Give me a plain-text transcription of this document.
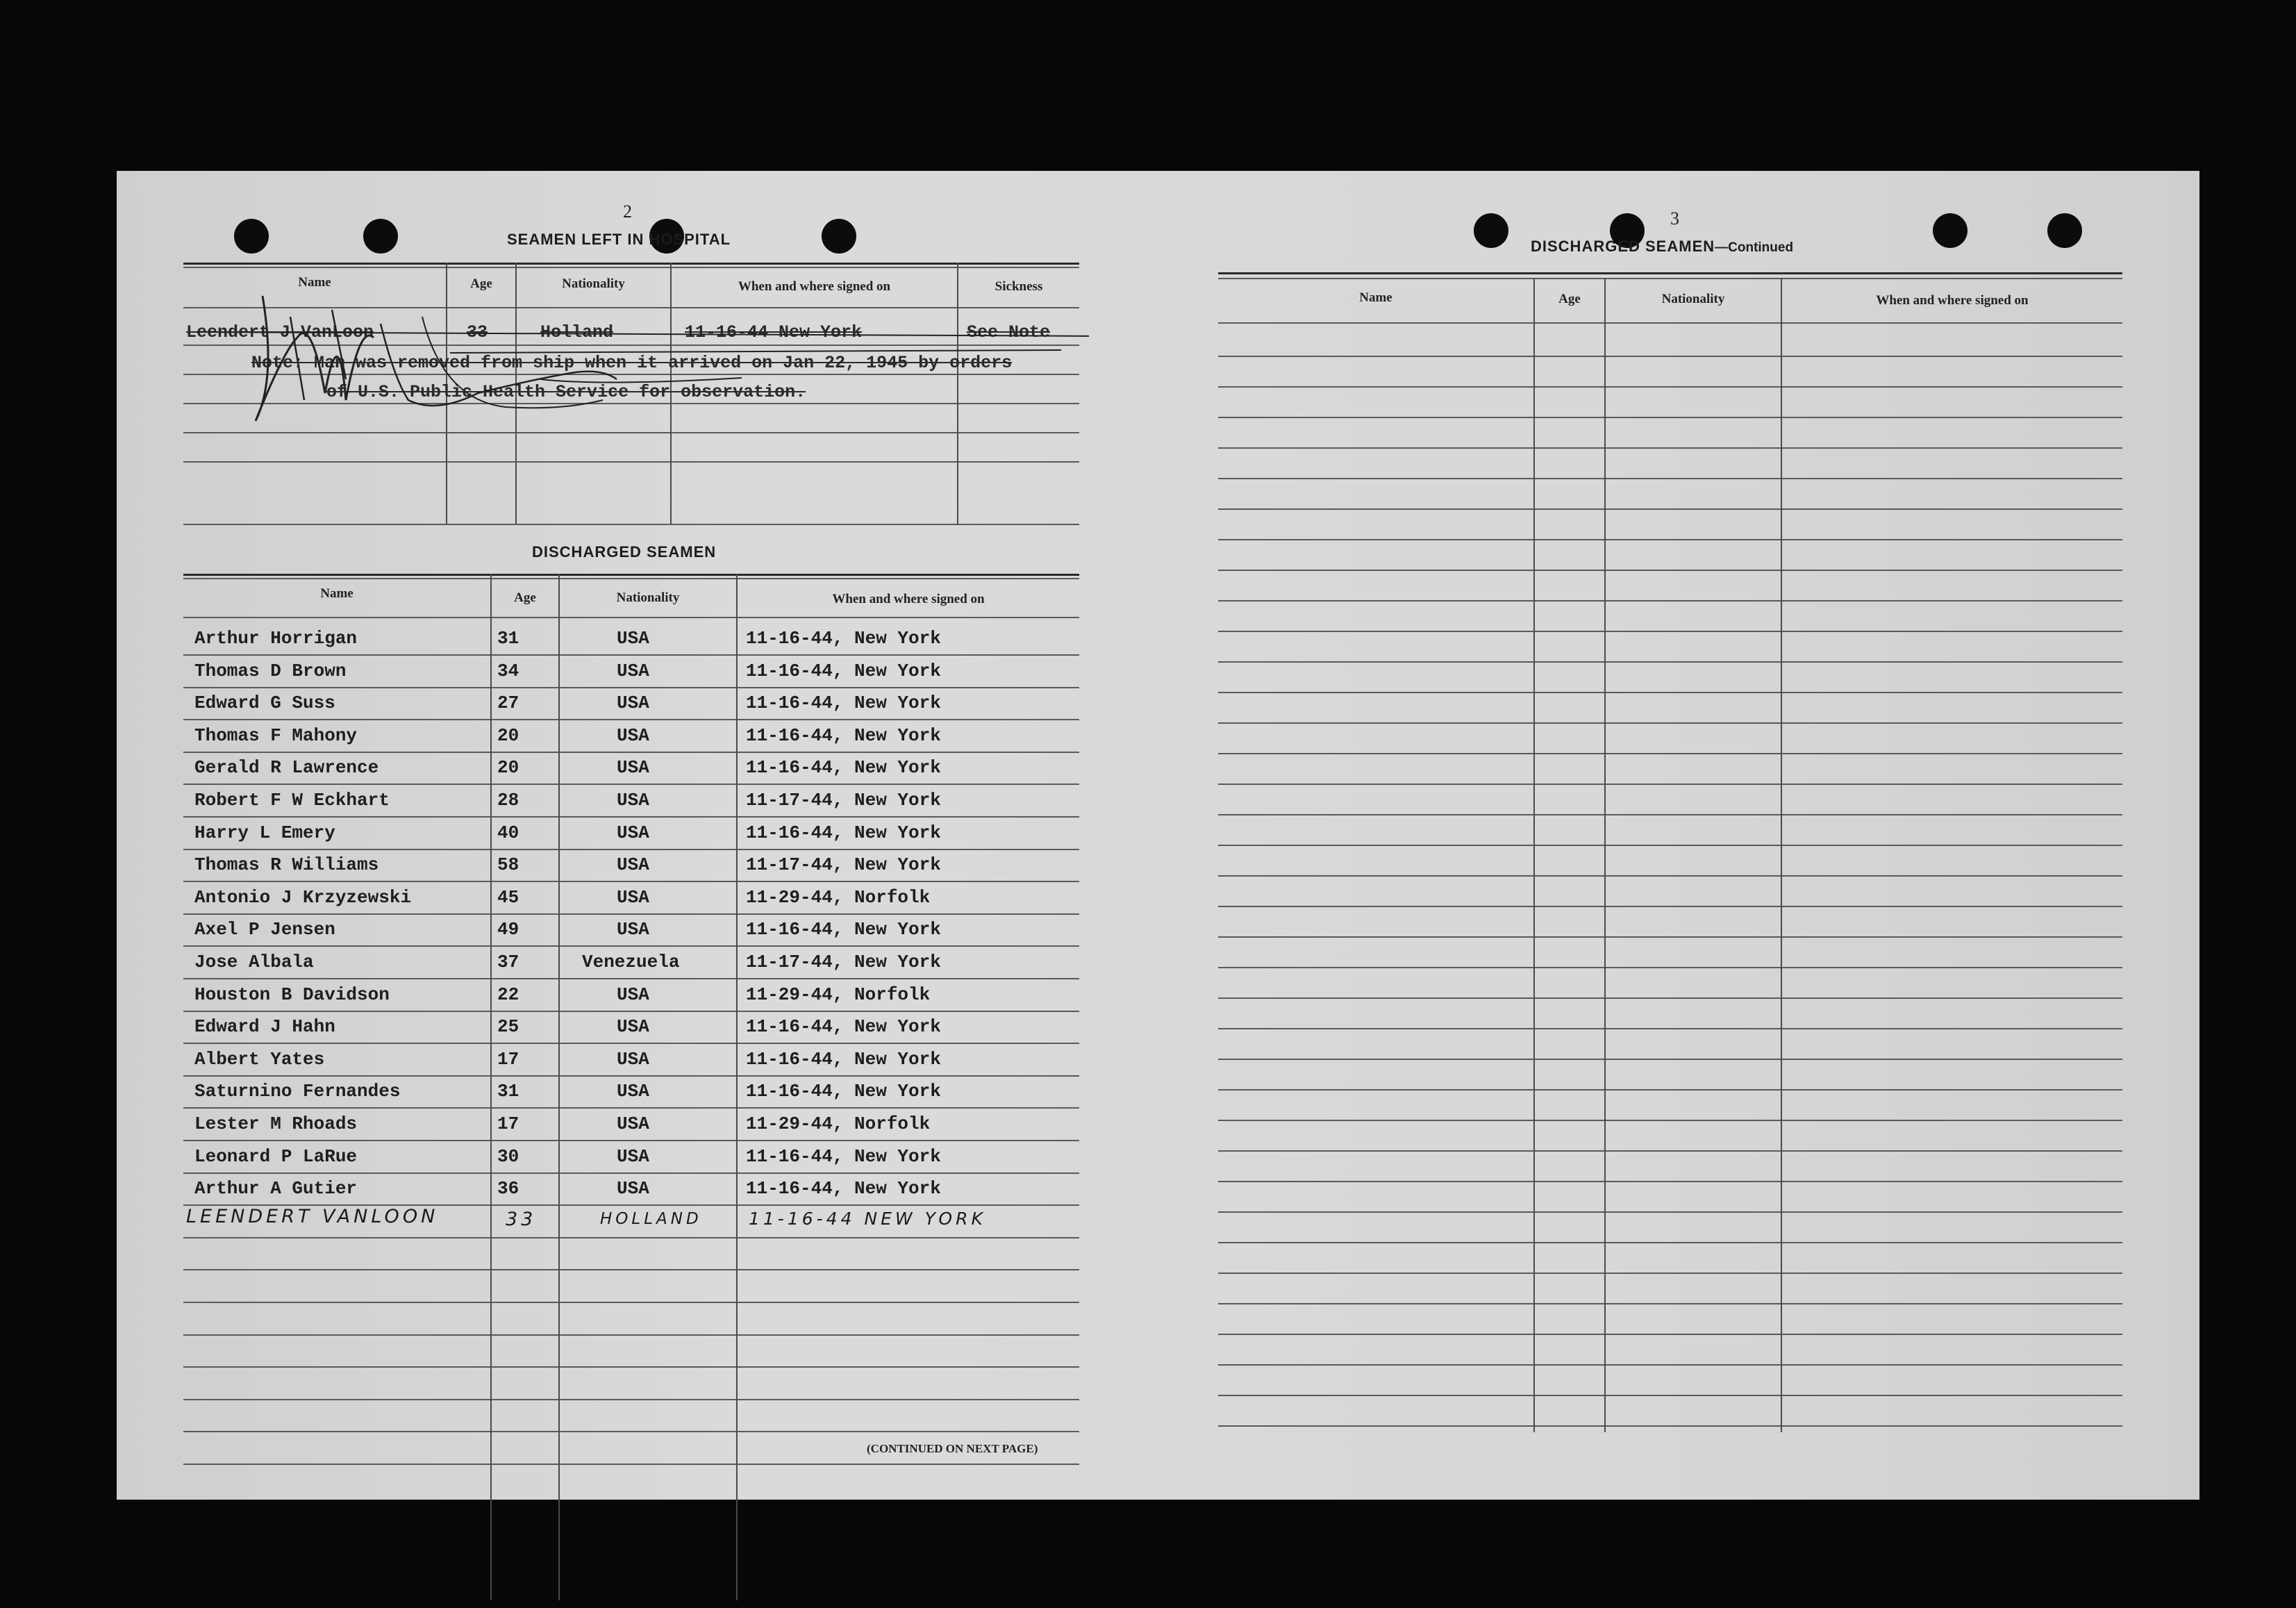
2
SEAMEN LEFT IN HOSPITAL
Name	Age	Nationality	When and where signed on	Sickness
Leendert J VanLoon	33	Holland	11-16-44 New York	See Note
Note: Man was removed from ship when it arrived on Jan 22, 1945 by orders
of U.S. Public Health Service for observation.
DISCHARGED SEAMEN
Name	Age	Nationality	When and where signed on
Arthur Horrigan	31	USA	11-16-44, New York
Thomas D Brown	34	USA	11-16-44, New York
Edward G Suss	27	USA	11-16-44, New York
Thomas F Mahony	20	USA	11-16-44, New York
Gerald R Lawrence	20	USA	11-16-44, New York
Robert F W Eckhart	28	USA	11-17-44, New York
Harry L Emery	40	USA	11-16-44, New York
Thomas R Williams	58	USA	11-17-44, New York
Antonio J Krzyzewski	45	USA	11-29-44, Norfolk
Axel P Jensen	49	USA	11-16-44, New York
Jose Albala	37	Venezuela	11-17-44, New York
Houston B Davidson	22	USA	11-29-44, Norfolk
Edward J Hahn	25	USA	11-16-44, New York
Albert Yates	17	USA	11-16-44, New York
Saturnino Fernandes	31	USA	11-16-44, New York
Lester M Rhoads	17	USA	11-29-44, Norfolk
Leonard P LaRue	30	USA	11-16-44, New York
Arthur A Gutier	36	USA	11-16-44, New York
LEENDERT VANLOON	33	HOLLAND	11-16-44 NEW YORK
(CONTINUED ON NEXT PAGE)
3
DISCHARGED SEAMEN—Continued
Name	Age	Nationality	When and where signed on
